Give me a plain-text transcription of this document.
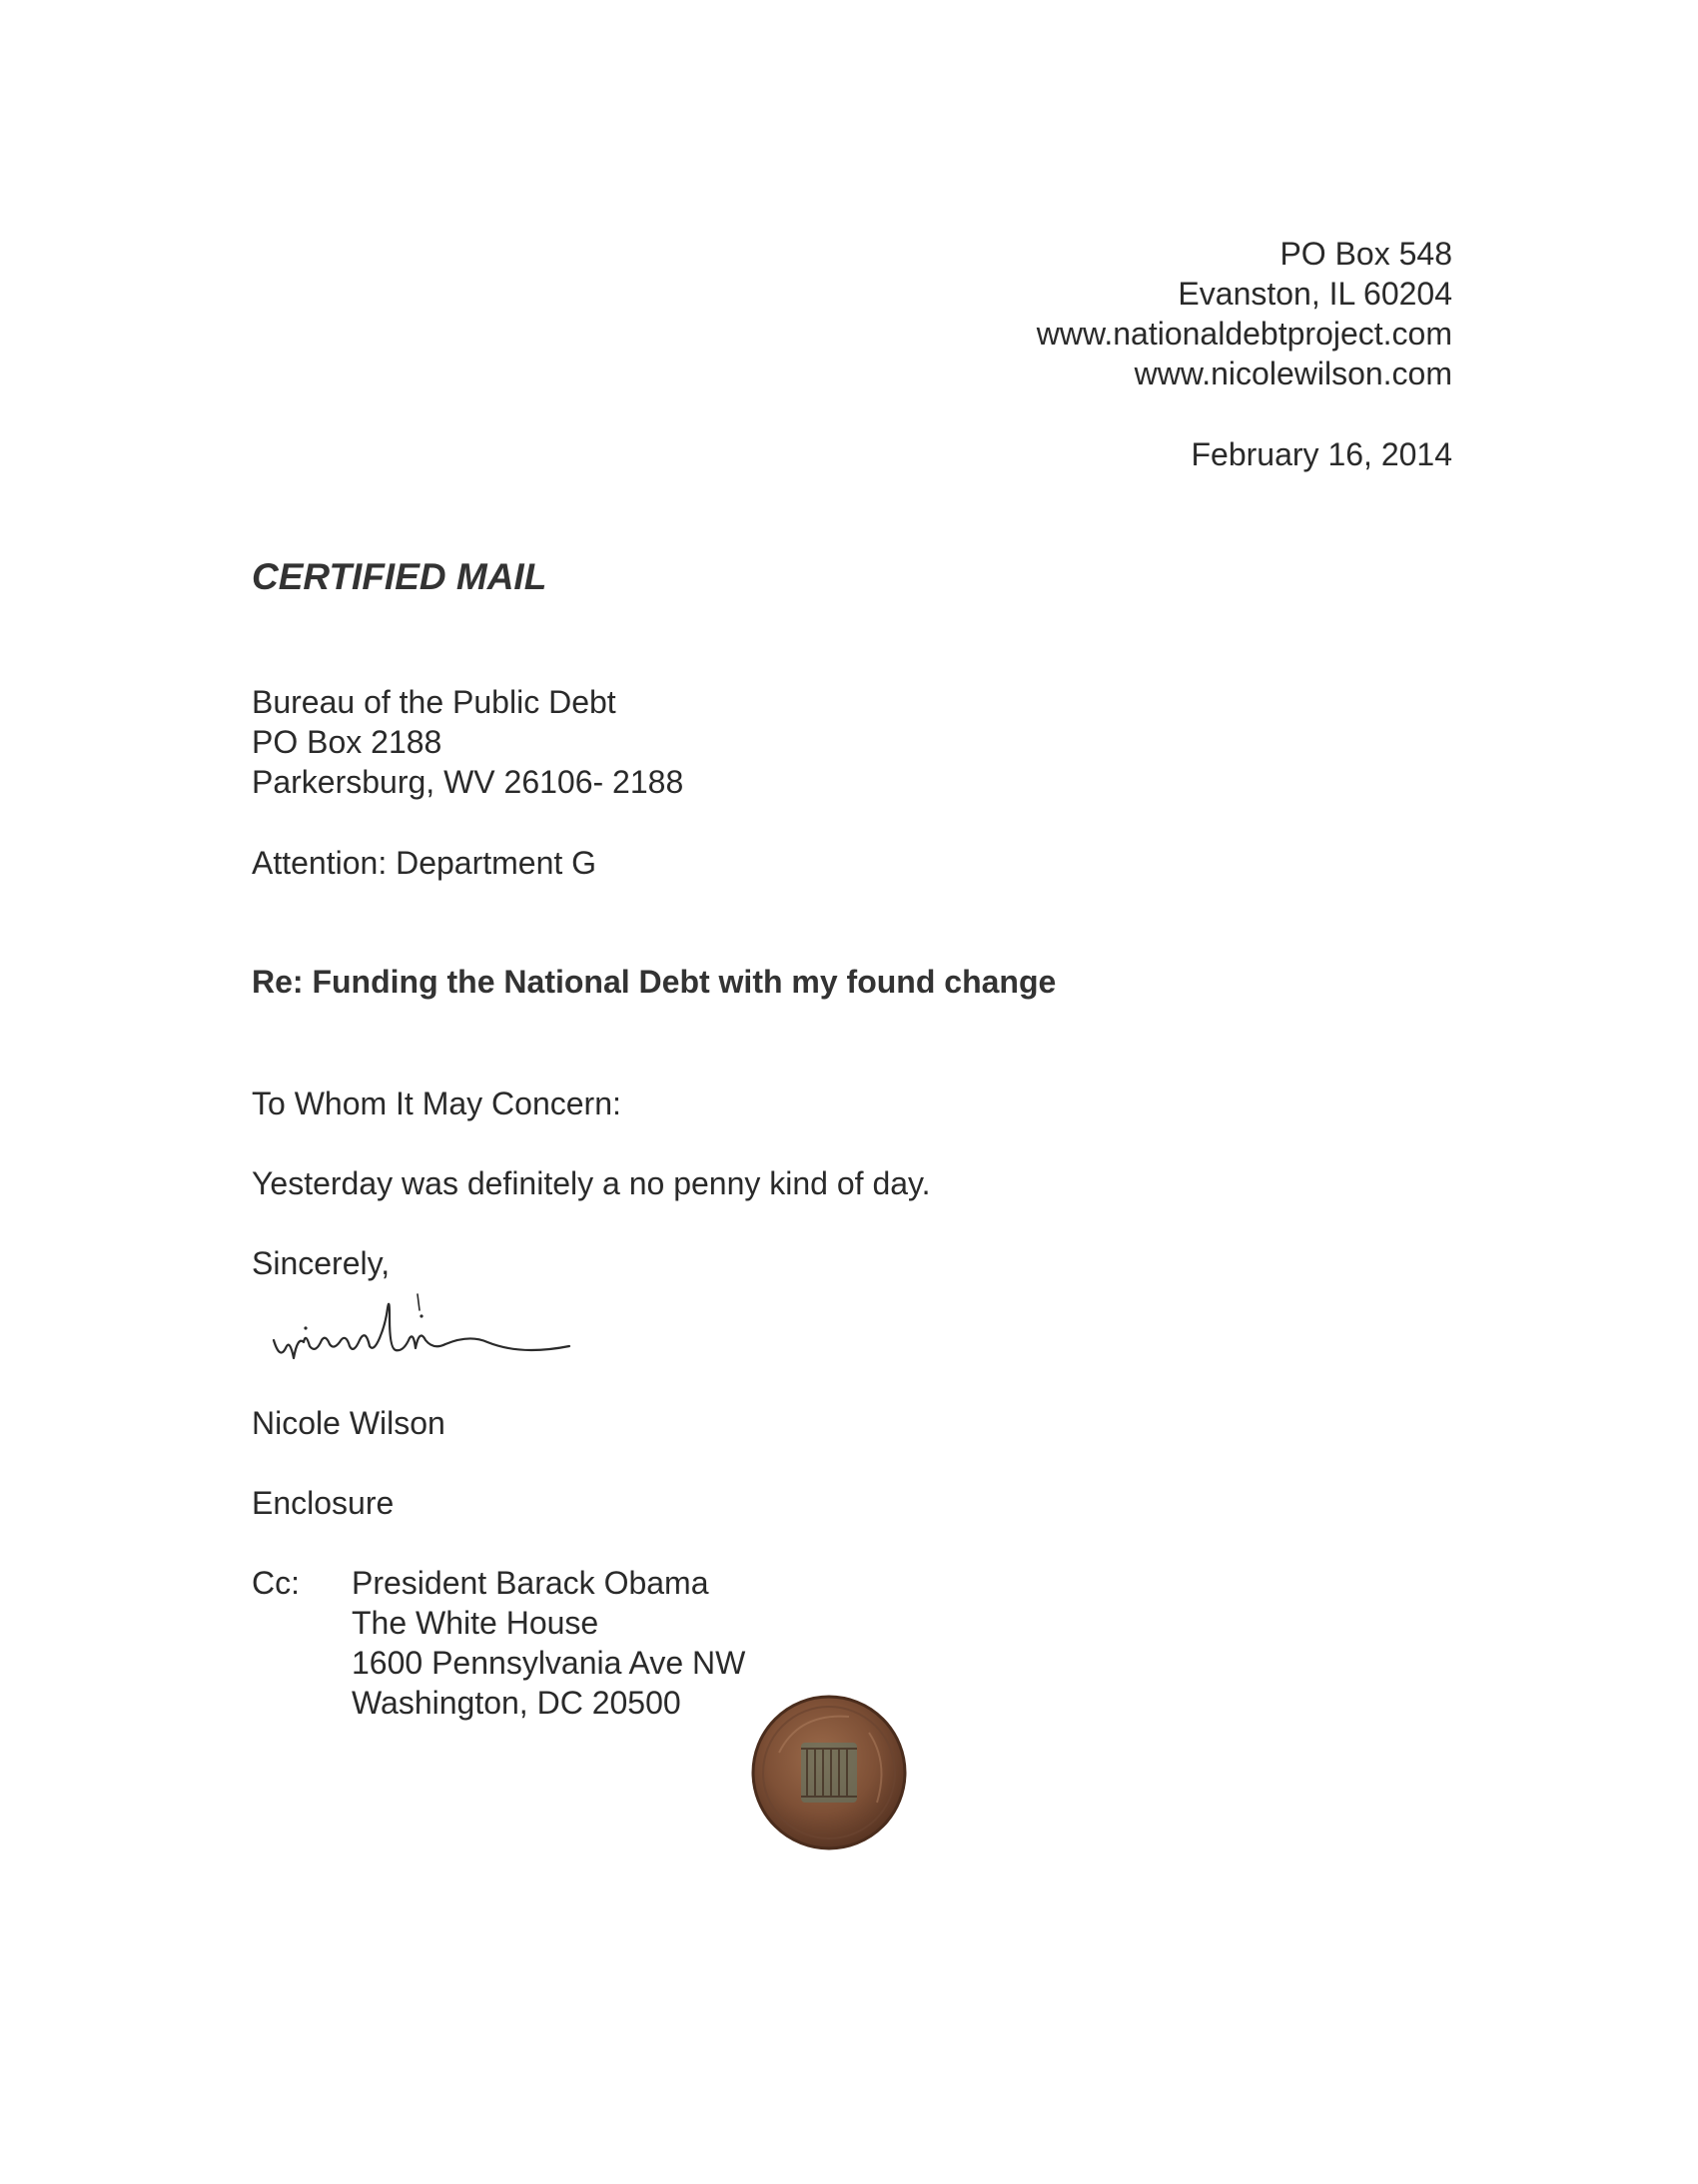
PO Box 548
Evanston, IL 60204
www.nationaldebtproject.com
www.nicolewilson.com
February 16, 2014
CERTIFIED MAIL
Bureau of the Public Debt
PO Box 2188
Parkersburg, WV 26106- 2188
Attention: Department G
Re: Funding the National Debt with my found change
To Whom It May Concern:
Yesterday was definitely a no penny kind of day.
Sincerely,
Nicole Wilson
Enclosure
Cc: President Barack Obama
The White House
1600 Pennsylvania Ave NW
Washington, DC 20500
